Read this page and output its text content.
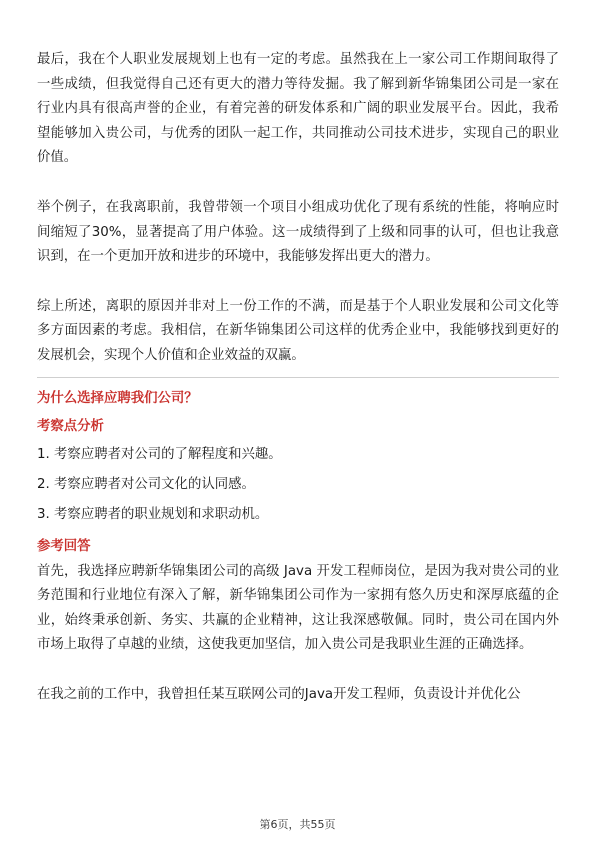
最后，我在个人职业发展规划上也有一定的考虑。虽然我在上一家公司工作期间取得了一些成绩，但我觉得自己还有更大的潜力等待发掘。我了解到新华锦集团公司是一家在行业内具有很高声誉的企业，有着完善的研发体系和广阔的职业发展平台。因此，我希望能够加入贵公司，与优秀的团队一起工作，共同推动公司技术进步，实现自己的职业价值。

举个例子，在我离职前，我曾带领一个项目小组成功优化了现有系统的性能，将响应时间缩短了30%，显著提高了用户体验。这一成绩得到了上级和同事的认可，但也让我意识到，在一个更加开放和进步的环境中，我能够发挥出更大的潜力。

综上所述，离职的原因并非对上一份工作的不满，而是基于个人职业发展和公司文化等多方面因素的考虑。我相信，在新华锦集团公司这样的优秀企业中，我能够找到更好的发展机会，实现个人价值和企业效益的双赢。

为什么选择应聘我们公司？

考察点分析

1. 考察应聘者对公司的了解程度和兴趣。

2. 考察应聘者对公司文化的认同感。

3. 考察应聘者的职业规划和求职动机。

参考回答

首先，我选择应聘新华锦集团公司的高级 Java 开发工程师岗位，是因为我对贵公司的业务范围和行业地位有深入了解，新华锦集团公司作为一家拥有悠久历史和深厚底蕴的企业，始终秉承创新、务实、共赢的企业精神，这让我深感敬佩。同时，贵公司在国内外市场上取得了卓越的业绩，这使我更加坚信，加入贵公司是我职业生涯的正确选择。

在我之前的工作中，我曾担任某互联网公司的Java开发工程师，负责设计并优化公

第6页，共55页
